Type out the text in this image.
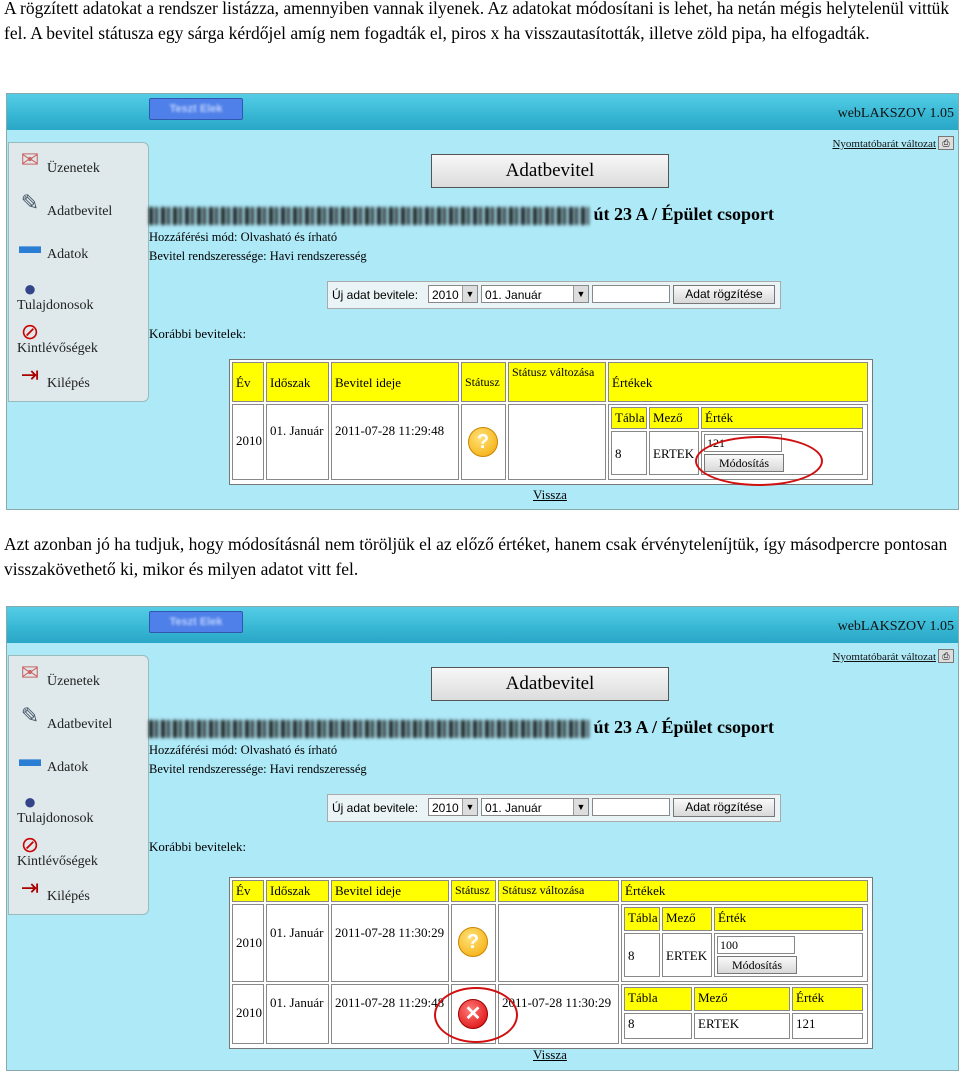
A rögzített adatokat a rendszer listázza, amennyiben vannak ilyenek. Az adatokat módosítani is lehet, ha netán mégis helytelenül vittük fel. A bevitel státusza egy sárga kérdőjel amíg nem fogadták el, piros x ha visszautasították, illetve zöld pipa, ha elfogadták.

Teszt Elek	webLAKSZOV 1.05
Nyomtatóbarát változat ⎙
✉ Üzenetek
✎ Adatbevitel
▬ Adatok
●
Tulajdonosok
⊘
Kintlévőségek
⇥ Kilépés
Adatbevitel
út 23 A / Épület csoport
Hozzáférési mód: Olvasható és írható
Bevitel rendszeressége: Havi rendszeresség
Új adat bevitele:	2010 ▼ 01. Január	▼	Adat rögzítése
Korábbi bevitelek:
Év	Időszak	Bevitel ideje	Státusz
Státusz változása
Értékek
2010
01. Január 2011-07-28 11:29:48
?
Tábla Mező	Érték
8	ERTEK
121
Módosítás
Vissza

Azt azonban jó ha tudjuk, hogy módosításnál nem töröljük el az előző értéket, hanem csak érvényteleníjtük, így másodpercre pontosan visszakövethető ki, mikor és milyen adatot vitt fel.

Teszt Elek	webLAKSZOV 1.05
Nyomtatóbarát változat ⎙
✉ Üzenetek
✎ Adatbevitel
▬ Adatok
●
Tulajdonosok
⊘
Kintlévőségek
⇥ Kilépés
Adatbevitel
út 23 A / Épület csoport
Hozzáférési mód: Olvasható és írható
Bevitel rendszeressége: Havi rendszeresség
Új adat bevitele:	2010 ▼ 01. Január	▼	Adat rögzítése
Korábbi bevitelek:
Év	Időszak	Bevitel ideje	Státusz	Státusz változása	Értékek
2010
01. Január 2011-07-28 11:30:29	?
Tábla Mező	Érték
8	ERTEK
100
Módosítás
2010
01. Január 2011-07-28 11:29:48
✕
2011-07-28 11:30:29	Tábla	Mező	Érték
8	ERTEK	121
Vissza
